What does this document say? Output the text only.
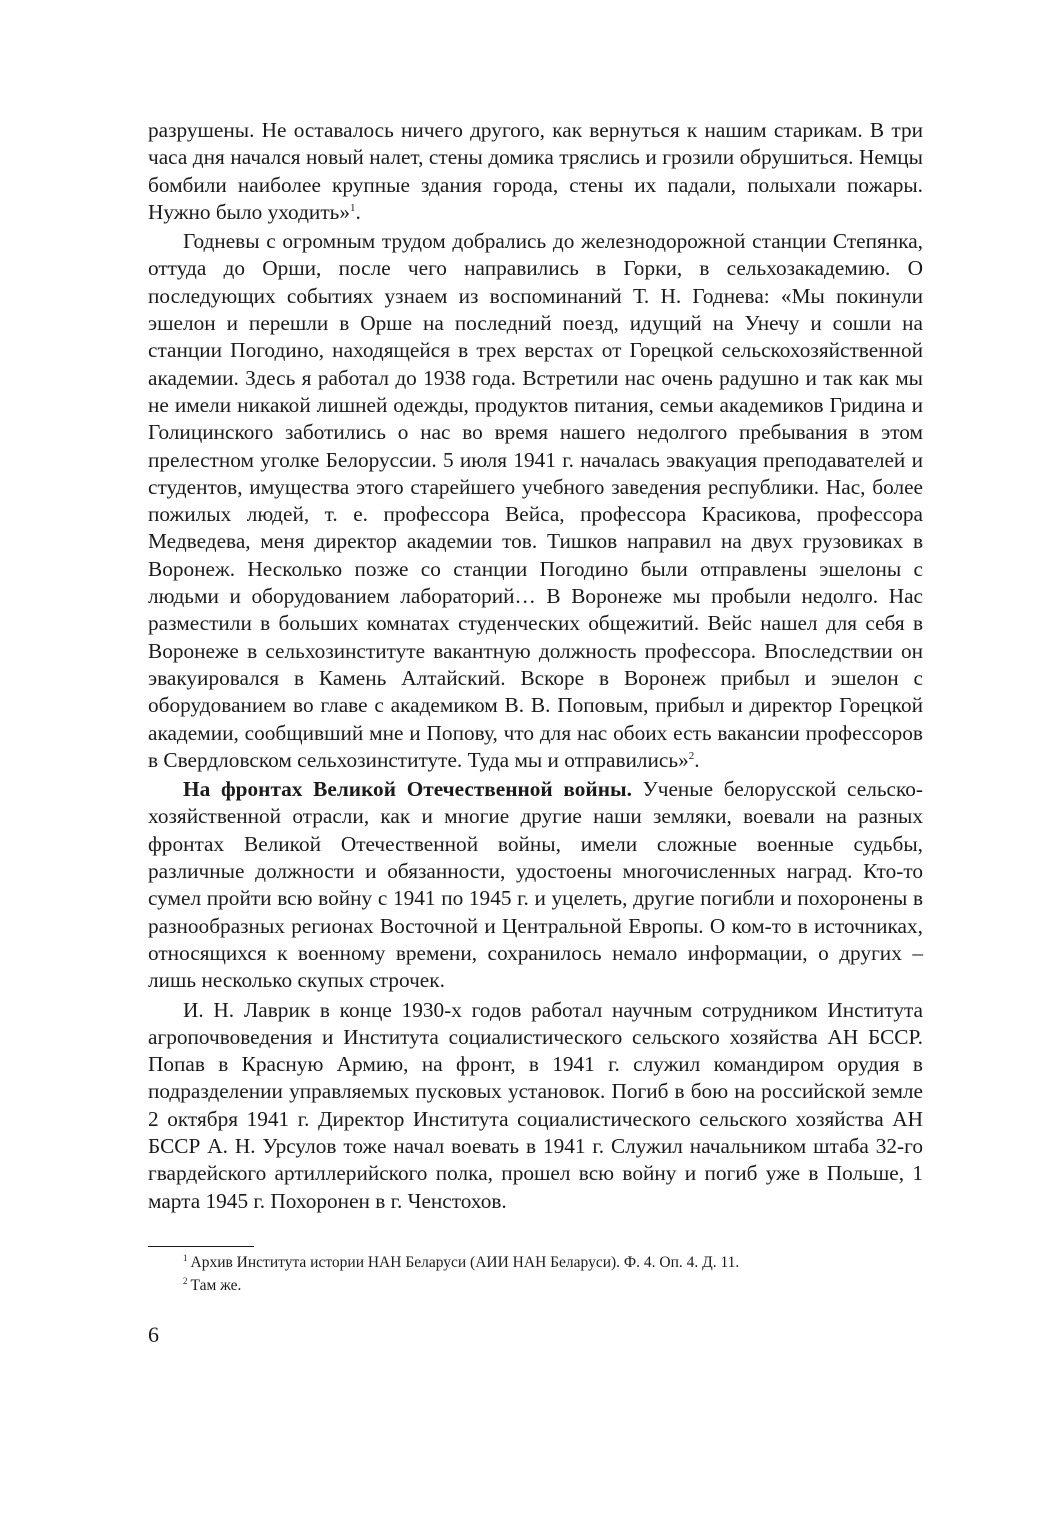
разрушены. Не оставалось ничего другого, как вернуться к нашим старикам. В три часа дня начался новый налет, стены домика тряслись и грозили обрушиться. Немцы бомбили наиболее крупные здания города, стены их падали, полыхали пожары. Нужно было уходить»$^1$.

Годневы с огромным трудом добрались до железнодорожной станции Степянка, оттуда до Орши, после чего направились в Горки, в сельхозакадемию. О последующих событиях узнаем из воспоминаний Т. Н. Годнева: «Мы покинули эшелон и перешли в Орше на последний поезд, идущий на Унечу и сошли на станции Погодино, находящейся в трех верстах от Горецкой сельскохозяйственной академии. Здесь я работал до 1938 года. Встретили нас очень радушно и так как мы не имели никакой лишней одежды, продуктов питания, семьи академиков Гридина и Голицинского заботились о нас во время нашего недолгого пребывания в этом прелестном уголке Белоруссии. 5 июля 1941 г. началась эвакуация преподавателей и студентов, имущества этого старейшего учебного заведения республики. Нас, более пожилых людей, т. е. профессора Вейса, профессора Красикова, профессора Медведева, меня директор академии тов. Тишков направил на двух грузовиках в Воронеж. Несколько позже со станции Погодино были отправлены эшелоны с людьми и оборудованием лабораторий… В Воронеже мы пробыли недолго. Нас разместили в больших комнатах студенческих общежитий. Вейс нашел для себя в Воронеже в сельхозинституте вакантную должность профессора. Впоследствии он эвакуировался в Камень Алтайский. Вскоре в Воронеж прибыл и эшелон с оборудованием во главе с академиком В. В. Поповым, прибыл и директор Горецкой академии, сообщивший мне и Попову, что для нас обоих есть вакансии профессоров в Свердловском сельхозинституте. Туда мы и отправились»$^2$.

На фронтах Великой Отечественной войны. Ученые белорусской сельскохозяйственной отрасли, как и многие другие наши земляки, воевали на разных фронтах Великой Отечественной войны, имели сложные военные судьбы, различные должности и обязанности, удостоены многочисленных наград. Кто-то сумел пройти всю войну с 1941 по 1945 г. и уцелеть, другие погибли и похоронены в разнообразных регионах Восточной и Центральной Европы. О ком-то в источниках, относящихся к военному времени, сохранилось немало информации, о других – лишь несколько скупых строчек.

И. Н. Лаврик в конце 1930-х годов работал научным сотрудником Института агропочвоведения и Института социалистического сельского хозяйства АН БССР. Попав в Красную Армию, на фронт, в 1941 г. служил командиром орудия в подразделении управляемых пусковых установок. Погиб в бою на российской земле 2 октября 1941 г. Директор Института социалистического сельского хозяйства АН БССР А. Н. Урсулов тоже начал воевать в 1941 г. Служил начальником штаба 32-го гвардейского артиллерийского полка, прошел всю войну и погиб уже в Польше, 1 марта 1945 г. Похоронен в г. Ченстохов.

$^1$ Архив Института истории НАН Беларуси (АИИ НАН Беларуси). Ф. 4. Оп. 4. Д. 11.

$^2$ Там же.

6
